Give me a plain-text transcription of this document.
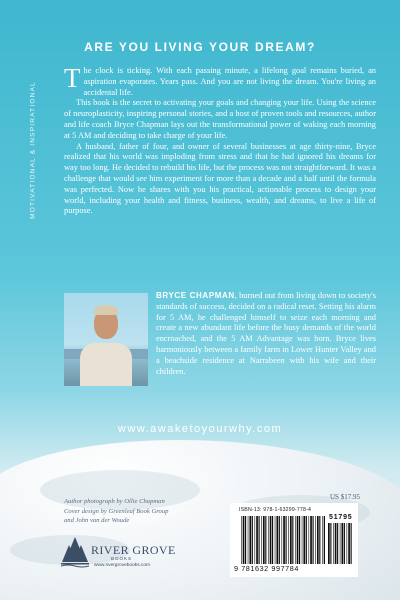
MOTIVATIONAL & INSPIRATIONAL
ARE YOU LIVING YOUR DREAM?

The clock is ticking. With each passing minute, a lifelong goal remains buried, an aspiration evaporates. Years pass. And you are not living the dream. You're living an accidental life.

This book is the secret to activating your goals and changing your life. Using the science of neuroplasticity, inspiring personal stories, and a host of proven tools and resources, author and life coach Bryce Chapman lays out the transformational power of waking each morning at 5 AM and deciding to take charge of your life.

A husband, father of four, and owner of several businesses at age thirty-nine, Bryce realized that his world was imploding from stress and that he had ignored his dreams for way too long. He decided to rebuild his life, but the process was not straightforward. It was a challenge that would see him experiment for more than a decade and a half until the formula was perfected. Now he shares with you his practical, actionable process to design your world, including your health and fitness, business, wealth, and dreams, to live a life of purpose.

BRYCE CHAPMAN, burned out from living down to society's standards of success, decided on a radical reset. Setting his alarm for 5 AM, he challenged himself to seize each morning and create a new abundant life before the busy demands of the world encroached, and the 5 AM Advantage was born. Bryce lives harmoniously between a family farm in Lower Hunter Valley and a beachside residence at Narrabeen with his wife and their children.

www.awaketoyourwhy.com

Author photograph by Ollie Chapman
Cover design by Greenleaf Book Group
and John van der Woude

RIVER GROVE
BOOKS
www.rivergrovebooks.com
US $17.95
ISBN-13: 978-1-63299-778-4
51795
9 781632 997784
